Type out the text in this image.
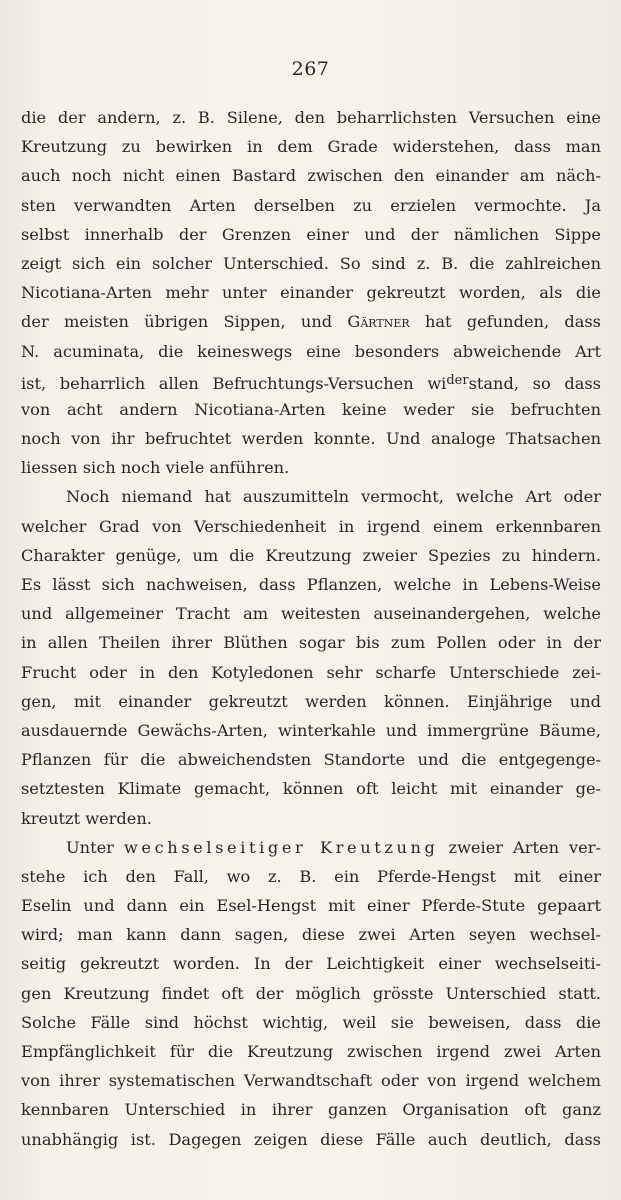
267
die der andern, z. B. Silene, den beharrlichsten Versuchen eine
Kreutzung zu bewirken in dem Grade widerstehen, dass man
auch noch nicht einen Bastard zwischen den einander am näch-
sten verwandten Arten derselben zu erzielen vermochte. Ja
selbst innerhalb der Grenzen einer und der nämlichen Sippe
zeigt sich ein solcher Unterschied. So sind z. B. die zahlreichen
Nicotiana-Arten mehr unter einander gekreutzt worden, als die
der meisten übrigen Sippen, und Gärtner hat gefunden, dass
N. acuminata, die keineswegs eine besonders abweichende Art
ist, beharrlich allen Befruchtungs-Versuchen $wi^{der}stand$, so dass
von acht andern Nicotiana-Arten keine weder sie befruchten
noch von ihr befruchtet werden konnte. Und analoge Thatsachen
liessen sich noch viele anführen.
Noch niemand hat auszumitteln vermocht, welche Art oder
welcher Grad von Verschiedenheit in irgend einem erkennbaren
Charakter genüge, um die Kreutzung zweier Spezies zu hindern.
Es lässt sich nachweisen, dass Pflanzen, welche in Lebens-Weise
und allgemeiner Tracht am weitesten auseinandergehen, welche
in allen Theilen ihrer Blüthen sogar bis zum Pollen oder in der
Frucht oder in den Kotyledonen sehr scharfe Unterschiede zei-
gen, mit einander gekreutzt werden können. Einjährige und
ausdauernde Gewächs-Arten, winterkahle und immergrüne Bäume,
Pflanzen für die abweichendsten Standorte und die entgegenge-
setztesten Klimate gemacht, können oft leicht mit einander ge-
kreutzt werden.
Unter wechselseitiger Kreutzung zweier Arten ver-
stehe ich den Fall, wo z. B. ein Pferde-Hengst mit einer
Eselin und dann ein Esel-Hengst mit einer Pferde-Stute gepaart
wird; man kann dann sagen, diese zwei Arten seyen wechsel-
seitig gekreutzt worden. In der Leichtigkeit einer wechselseiti-
gen Kreutzung findet oft der möglich grösste Unterschied statt.
Solche Fälle sind höchst wichtig, weil sie beweisen, dass die
Empfänglichkeit für die Kreutzung zwischen irgend zwei Arten
von ihrer systematischen Verwandtschaft oder von irgend welchem
kennbaren Unterschied in ihrer ganzen Organisation oft ganz
unabhängig ist. Dagegen zeigen diese Fälle auch deutlich, dass
